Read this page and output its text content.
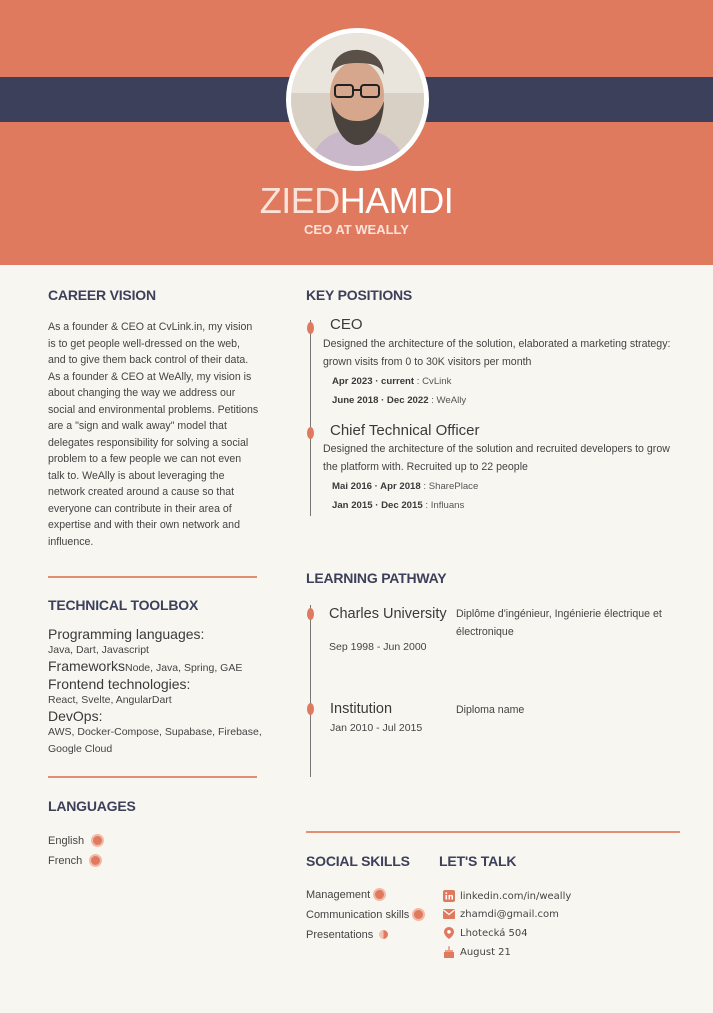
ZIEDHAMDI
CEO AT WEALLY
CAREER VISION
As a founder & CEO at CvLink.in, my vision is to get people well-dressed on the web, and to give them back control of their data. As a founder & CEO at WeAlly, my vision is about changing the way we address our social and environmental problems. Petitions are a "sign and walk away" model that delegates responsibility for solving a social problem to a few people we can not even talk to. WeAlly is about leveraging the network created around a cause so that everyone can contribute in their area of expertise and with their own network and influence.
TECHNICAL TOOLBOX
Programming languages:
Java, Dart, Javascript
Frameworks Node, Java, Spring, GAE
Frontend technologies:
React, Svelte, AngularDart
DevOps:
AWS, Docker-Compose, Supabase, Firebase, Google Cloud
LANGUAGES
English
French
KEY POSITIONS
CEO
Designed the architecture of the solution, elaborated a marketing strategy: grown visits from 0 to 30K visitors per month
Apr 2023 · current : CvLink
June 2018 · Dec 2022 : WeAlly
Chief Technical Officer
Designed the architecture of the solution and recruited developers to grow the platform with. Recruited up to 22 people
Mai 2016 · Apr 2018 : SharePlace
Jan 2015 · Dec 2015 : Influans
LEARNING PATHWAY
Charles University
Sep 1998 - Jun 2000
Diplôme d'ingénieur, Ingénierie électrique et électronique
Institution
Jan 2010 - Jul 2015
Diploma name
SOCIAL SKILLS
Management
Communication skills
Presentations
LET'S TALK
linkedin.com/in/weally
zhamdi@gmail.com
Lhotecká 504
August 21
